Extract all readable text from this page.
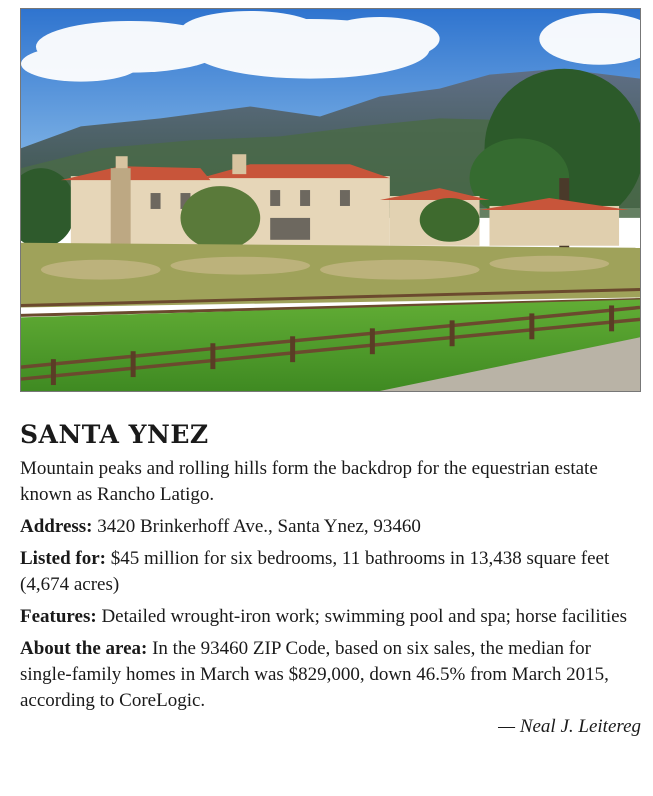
SANTA YNEZ

Mountain peaks and rolling hills form the backdrop for the equestrian estate known as Rancho Latigo.

Address: 3420 Brinkerhoff Ave., Santa Ynez, 93460

Listed for: $45 million for six bedrooms, 11 bathrooms in 13,438 square feet (4,674 acres)

Features: Detailed wrought-iron work; swimming pool and spa; horse facilities

About the area: In the 93460 ZIP Code, based on six sales, the median for single-family homes in March was $829,000, down 46.5% from March 2015, according to CoreLogic.

— Neal J. Leitereg
